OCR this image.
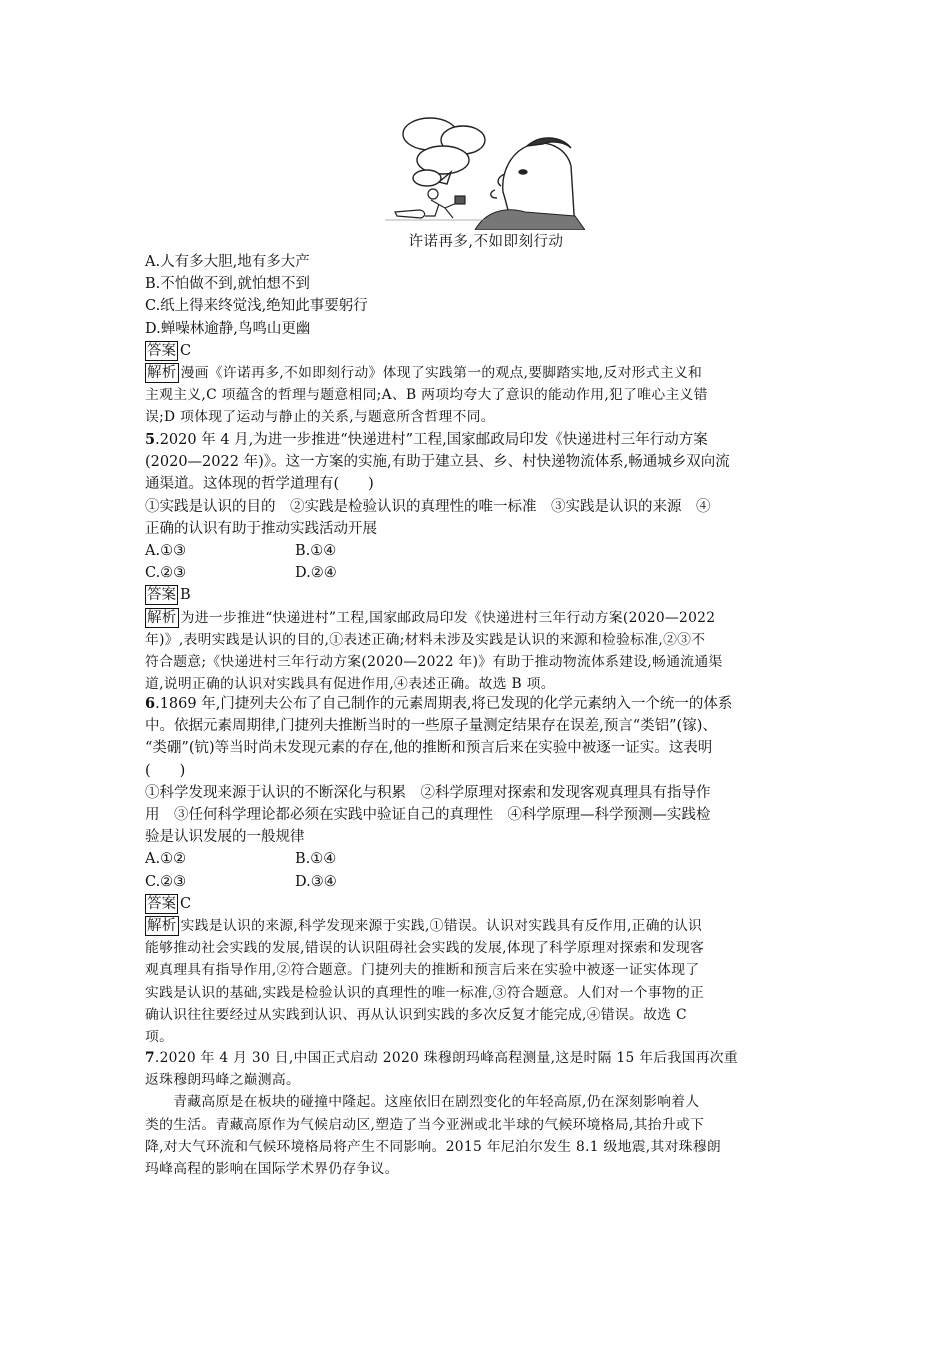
许诺再多,不如即刻行动
A.人有多大胆,地有多大产
B.不怕做不到,就怕想不到
C.纸上得来终觉浅,绝知此事要躬行
D.蝉噪林逾静,鸟鸣山更幽
答案 C
解析 漫画《许诺再多,不如即刻行动》体现了实践第一的观点,要脚踏实地,反对形式主义和
主观主义,C 项蕴含的哲理与题意相同;A、B 两项均夸大了意识的能动作用,犯了唯心主义错
误;D 项体现了运动与静止的关系,与题意所含哲理不同。
5.2020 年 4 月,为进一步推进“快递进村”工程,国家邮政局印发《快递进村三年行动方案
(2020—2022 年)》。这一方案的实施,有助于建立县、乡、村快递物流体系,畅通城乡双向流
通渠道。这体现的哲学道理有(　　)
①实践是认识的目的　②实践是检验认识的真理性的唯一标准　③实践是认识的来源　④
正确的认识有助于推动实践活动开展
A.①③	B.①④
C.②③	D.②④
答案 B
解析 为进一步推进“快递进村”工程,国家邮政局印发《快递进村三年行动方案(2020—2022
年)》,表明实践是认识的目的,①表述正确;材料未涉及实践是认识的来源和检验标准,②③不
符合题意;《快递进村三年行动方案(2020—2022 年)》有助于推动物流体系建设,畅通流通渠
道,说明正确的认识对实践具有促进作用,④表述正确。故选 B 项。
6.1869 年,门捷列夫公布了自己制作的元素周期表,将已发现的化学元素纳入一个统一的体系
中。依据元素周期律,门捷列夫推断当时的一些原子量测定结果存在误差,预言“类铝”(镓)、
“类硼”(钪)等当时尚未发现元素的存在,他的推断和预言后来在实验中被逐一证实。这表明
(　　)
①科学发现来源于认识的不断深化与积累　②科学原理对探索和发现客观真理具有指导作
用　③任何科学理论都必须在实践中验证自己的真理性　④科学原理—科学预测—实践检
验是认识发展的一般规律
A.①②	B.①④
C.②③	D.③④
答案 C
解析 实践是认识的来源,科学发现来源于实践,①错误。认识对实践具有反作用,正确的认识
能够推动社会实践的发展,错误的认识阻碍社会实践的发展,体现了科学原理对探索和发现客
观真理具有指导作用,②符合题意。门捷列夫的推断和预言后来在实验中被逐一证实体现了
实践是认识的基础,实践是检验认识的真理性的唯一标准,③符合题意。人们对一个事物的正
确认识往往要经过从实践到认识、再从认识到实践的多次反复才能完成,④错误。故选 C
项。
7.2020 年 4 月 30 日,中国正式启动 2020 珠穆朗玛峰高程测量,这是时隔 15 年后我国再次重
返珠穆朗玛峰之巅测高。
　　青藏高原是在板块的碰撞中隆起。这座依旧在剧烈变化的年轻高原,仍在深刻影响着人
类的生活。青藏高原作为气候启动区,塑造了当今亚洲或北半球的气候环境格局,其抬升或下
降,对大气环流和气候环境格局将产生不同影响。2015 年尼泊尔发生 8.1 级地震,其对珠穆朗
玛峰高程的影响在国际学术界仍存争议。
